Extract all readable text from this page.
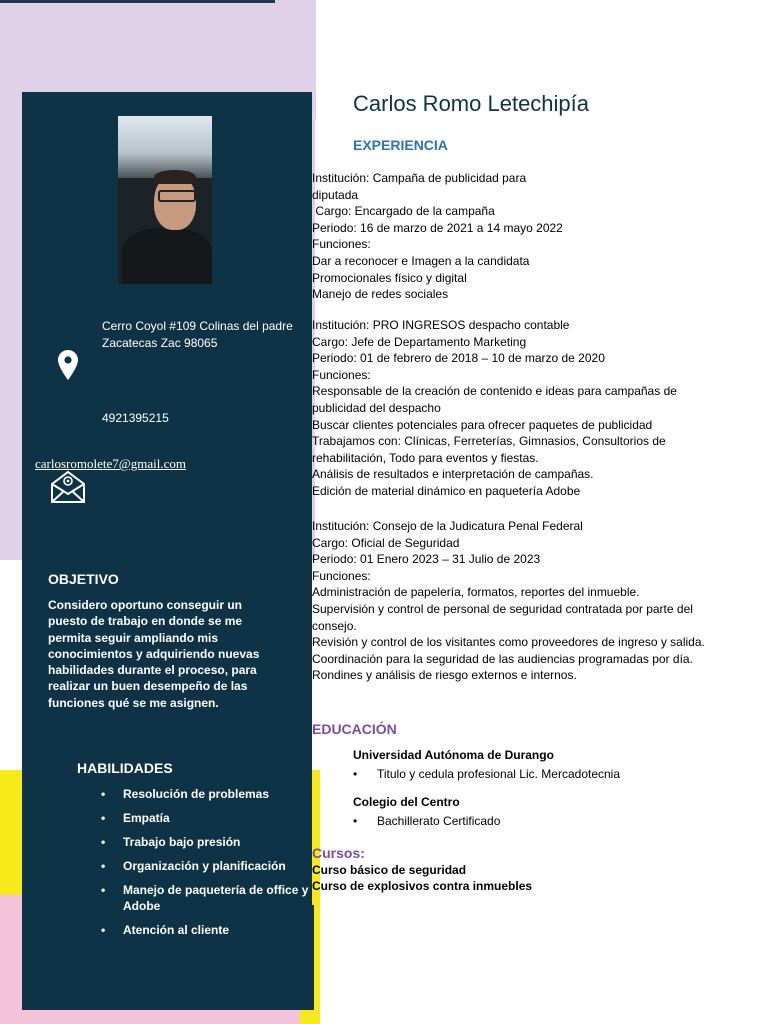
Cerro Coyol #109 Colinas del padre Zacatecas Zac 98065
4921395215
carlosromolete7@gmail.com
OBJETIVO
Considero oportuno conseguir un puesto de trabajo en donde se me permita seguir ampliando mis conocimientos y adquiriendo nuevas habilidades durante el proceso, para realizar un buen desempeño de las funciones qué se me asignen.
HABILIDADES
• Resolución de problemas
• Empatía
• Trabajo bajo presión
• Organización y planificación
• Manejo de paquetería de office y Adobe
• Atención al cliente
Carlos Romo Letechipía
EXPERIENCIA
Institución: Campaña de publicidad para
diputada
Cargo: Encargado de la campaña
Periodo: 16 de marzo de 2021 a 14 mayo 2022
Funciones:
Dar a reconocer e Imagen a la candidata
Promocionales físico y digital
Manejo de redes sociales
Institución: PRO INGRESOS despacho contable
Cargo: Jefe de Departamento Marketing
Periodo: 01 de febrero de 2018 – 10 de marzo de 2020
Funciones:
Responsable de la creación de contenido e ideas para campañas de publicidad del despacho
Buscar clientes potenciales para ofrecer paquetes de publicidad
Trabajamos con: Clínicas, Ferreterías, Gimnasios, Consultorios de rehabilitación, Todo para eventos y fiestas.
Análisis de resultados e interpretación de campañas.
Edición de material dinámico en paquetería Adobe
Institución: Consejo de la Judicatura Penal Federal
Cargo: Oficial de Seguridad
Periodo: 01 Enero 2023 – 31 Julio de 2023
Funciones:
Administración de papelería, formatos, reportes del inmueble.
Supervisión y control de personal de seguridad contratada por parte del consejo.
Revisión y control de los visitantes como proveedores de ingreso y salida.
Coordinación para la seguridad de las audiencias programadas por día.
Rondines y análisis de riesgo externos e internos.
EDUCACIÓN
Universidad Autónoma de Durango
• Titulo y cedula profesional Lic. Mercadotecnia
Colegio del Centro
• Bachillerato Certificado
Cursos:
Curso básico de seguridad
Curso de explosivos contra inmuebles
